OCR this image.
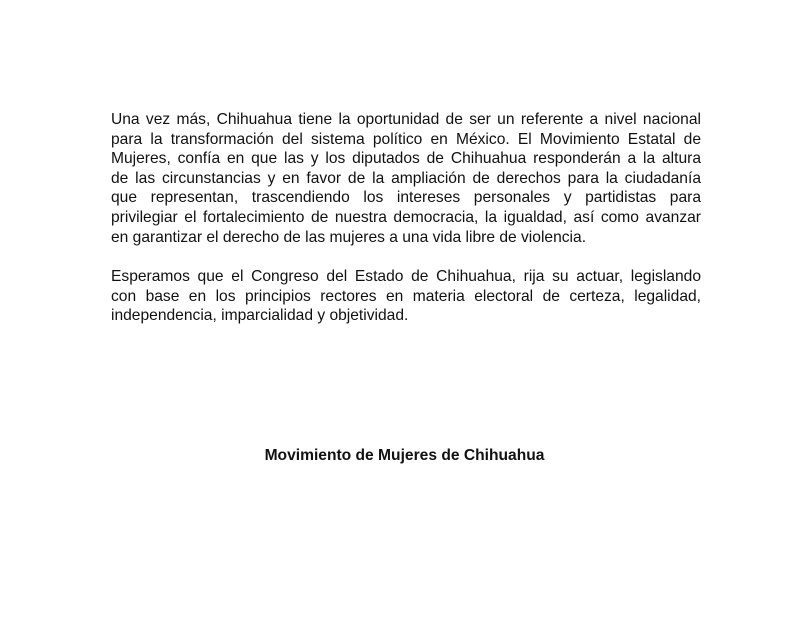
Una vez más, Chihuahua tiene la oportunidad de ser un referente a nivel nacional
para la transformación del sistema político en México. El Movimiento Estatal de
Mujeres, confía en que las y los diputados de Chihuahua responderán a la altura
de las circunstancias y en favor de la ampliación de derechos para la ciudadanía
que representan, trascendiendo los intereses personales y partidistas para
privilegiar el fortalecimiento de nuestra democracia, la igualdad, así como avanzar
en garantizar el derecho de las mujeres a una vida libre de violencia.
Esperamos que el Congreso del Estado de Chihuahua, rija su actuar, legislando
con base en los principios rectores en materia electoral de certeza, legalidad,
independencia, imparcialidad y objetividad.

Movimiento de Mujeres de Chihuahua
